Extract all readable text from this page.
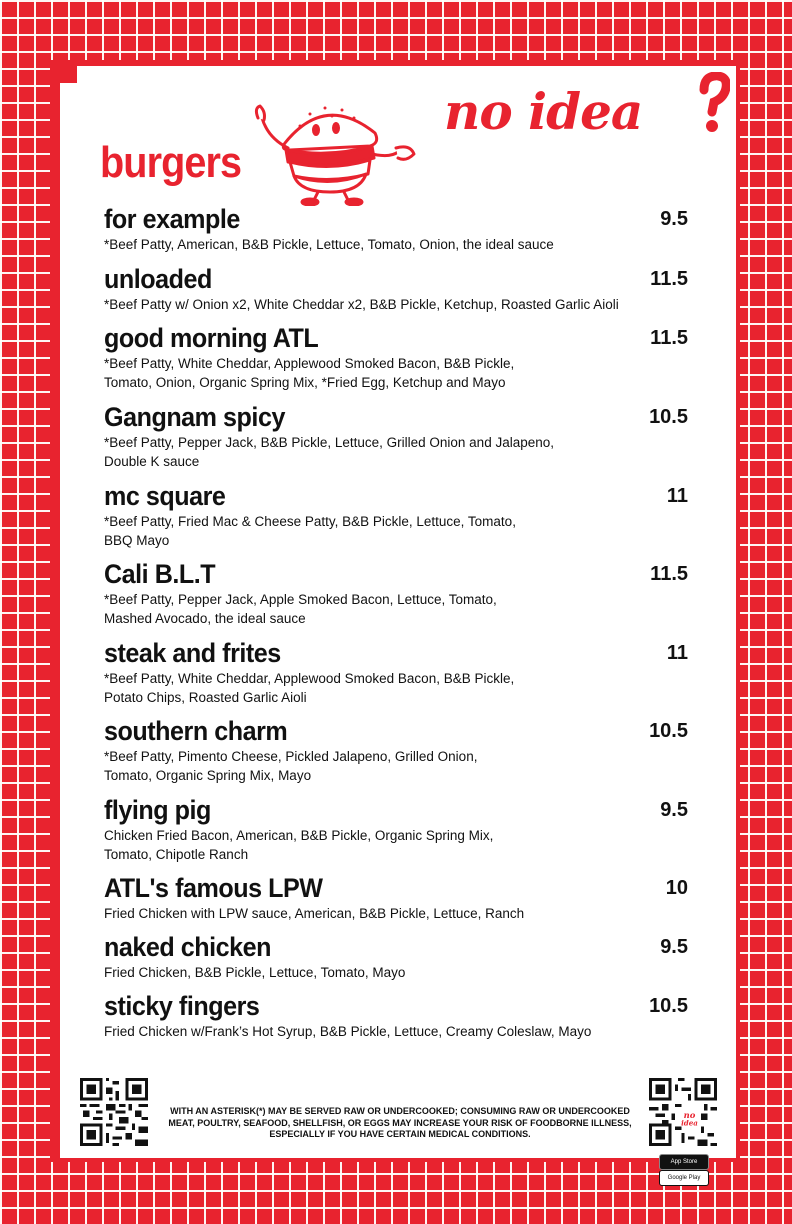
no idea
burgers
for example	9.5
*Beef Patty, American, B&B Pickle, Lettuce, Tomato, Onion, the ideal sauce
unloaded	11.5
*Beef Patty w/ Onion x2, White Cheddar x2, B&B Pickle, Ketchup, Roasted Garlic Aioli
good morning ATL	11.5
*Beef Patty, White Cheddar, Applewood Smoked Bacon, B&B Pickle,
Tomato, Onion, Organic Spring Mix, *Fried Egg, Ketchup and Mayo
Gangnam spicy	10.5
*Beef Patty, Pepper Jack, B&B Pickle, Lettuce, Grilled Onion and Jalapeno,
Double K sauce
mc square	11
*Beef Patty, Fried Mac & Cheese Patty, B&B Pickle, Lettuce, Tomato,
BBQ Mayo
Cali B.L.T	11.5
*Beef Patty, Pepper Jack, Apple Smoked Bacon, Lettuce, Tomato,
Mashed Avocado, the ideal sauce
steak and frites	11
*Beef Patty, White Cheddar, Applewood Smoked Bacon, B&B Pickle,
Potato Chips, Roasted Garlic Aioli
southern charm	10.5
*Beef Patty, Pimento Cheese, Pickled Jalapeno, Grilled Onion,
Tomato, Organic Spring Mix, Mayo
flying pig	9.5
Chicken Fried Bacon, American, B&B Pickle, Organic Spring Mix,
Tomato, Chipotle Ranch
ATL's famous LPW	10
Fried Chicken with LPW sauce, American, B&B Pickle, Lettuce, Ranch
naked chicken	9.5
Fried Chicken, B&B Pickle, Lettuce, Tomato, Mayo
sticky fingers	10.5
Fried Chicken w/Frank’s Hot Syrup, B&B Pickle, Lettuce, Creamy Coleslaw, Mayo
no
idea
WITH AN ASTERISK(*) MAY BE SERVED RAW OR UNDERCOOKED; CONSUMING RAW OR UNDERCOOKED MEAT, POULTRY, SEAFOOD, SHELLFISH, OR EGGS MAY INCREASE YOUR RISK OF FOODBORNE ILLNESS, ESPECIALLY IF YOU HAVE CERTAIN MEDICAL CONDITIONS.
App Store
Google Play
